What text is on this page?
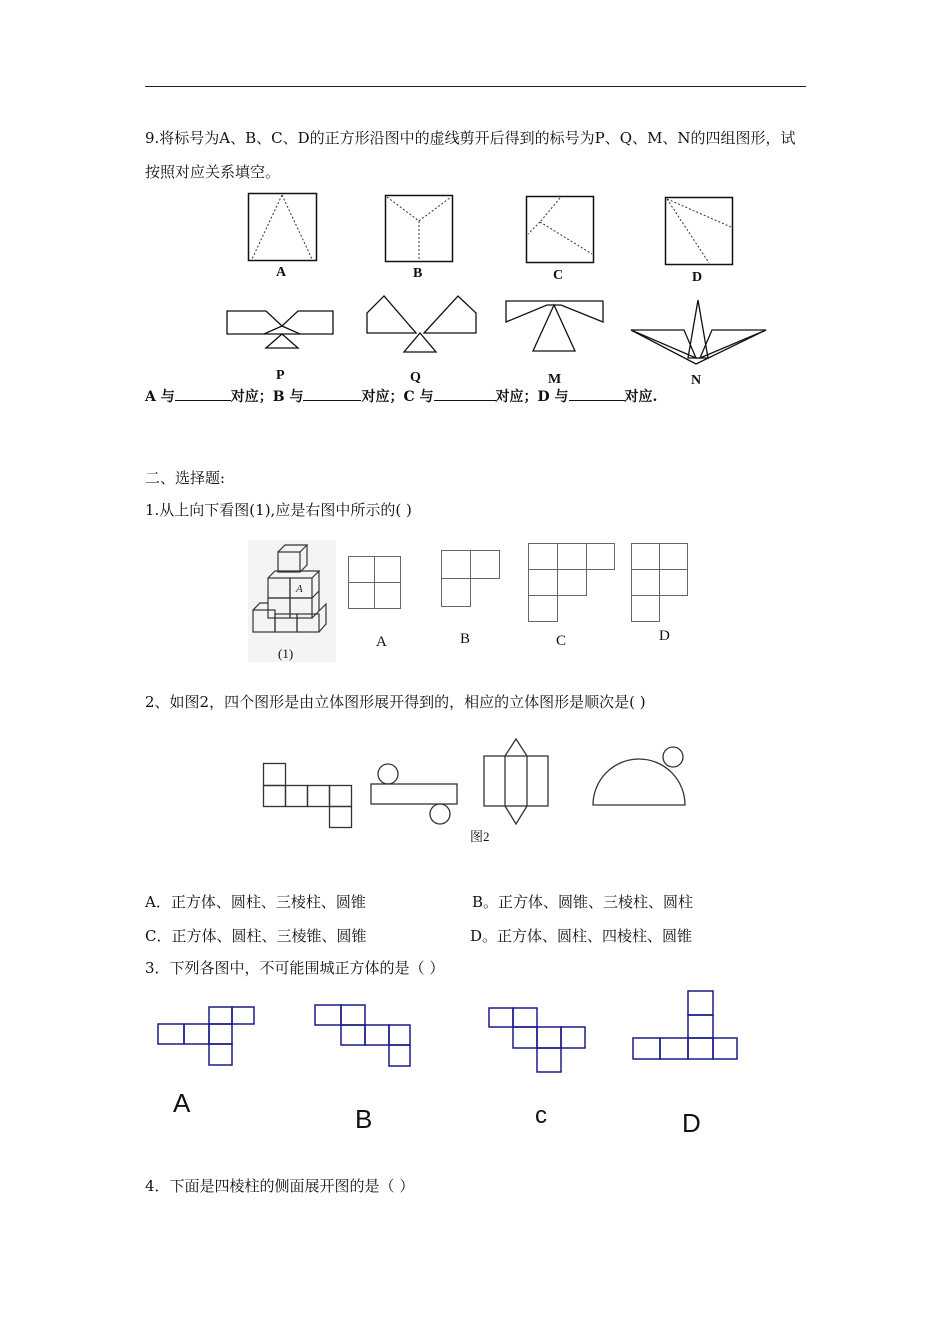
9.将标号为A、B、C、D的正方形沿图中的虚线剪开后得到的标号为P、Q、M、N的四组图形，试
按照对应关系填空。
A	B	C	D
P	Q	M	N
A 与	对应；B 与	对应；C 与	对应；D 与	对应.
二、选择题:
1.从上向下看图(1),应是右图中所示的( )
A
(1)
A	B	C	D
2、如图2，四个图形是由立体图形展开得到的，相应的立体图形是顺次是( )
图2
A．正方体、圆柱、三棱柱、圆锥	B。正方体、圆锥、三棱柱、圆柱
C．正方体、圆柱、三棱锥、圆锥	D。正方体、圆柱、四棱柱、圆锥
3．下列各图中，不可能围城正方体的是（ ）
A
B	c	D
4．下面是四棱柱的侧面展开图的是（ ）
